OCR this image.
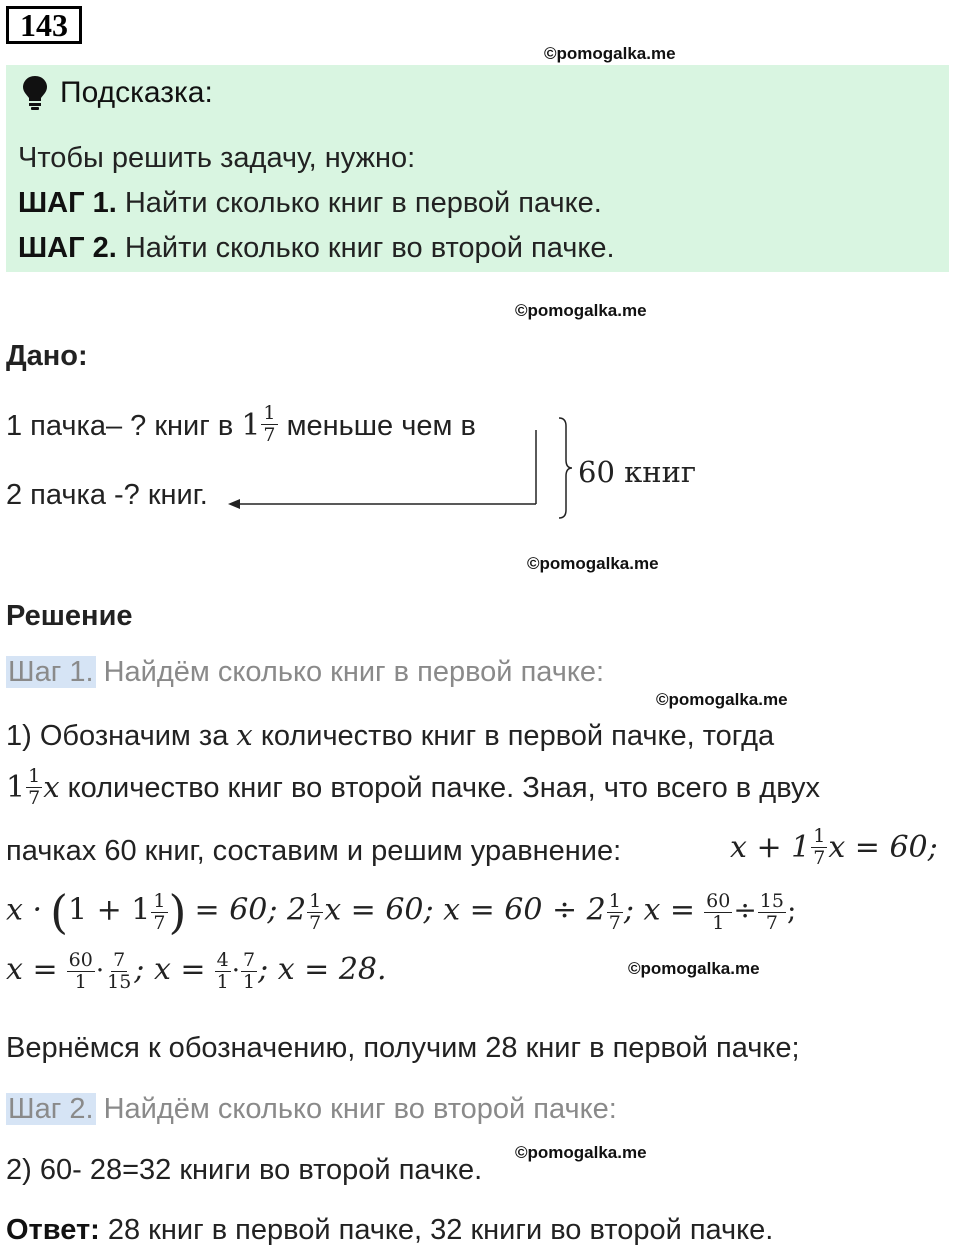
143
©pomogalka.me
Подсказка:
Чтобы решить задачу, нужно:
ШАГ 1. Найти сколько книг в первой пачке.
ШАГ 2. Найти сколько книг во второй пачке.
©pomogalka.me
Дано:
1 пачка– ? книг в $1 \frac{1}{7}$ меньше чем в
2 пачка -? книг.
60 книг
©pomogalka.me
Решение
Шаг 1. Найдём сколько книг в первой пачке:
©pomogalka.me
1) Обозначим за x количество книг в первой пачке, тогда
$1 \frac{1}{7}$ x количество книг во второй пачке. Зная, что всего в двух
пачках 60 книг, составим и решим уравнение:	$x + 1 \frac{1}{7}$ x = 60;
$x \cdot (1 + 1 \frac{1}{7}$ ) = 60; $2 \frac{1}{7}$ x = 60; $x = 60 \div 2 \frac{1}{7}$ ; $x = \frac{60}{1} \div \frac{15}{7}$ ;
$x = \frac{60}{1} \cdot \frac{7}{15}$ ; $x = \frac{4}{1} \cdot \frac{7}{1}$ ; x = 28.	©pomogalka.me
Вернёмся к обозначению, получим 28 книг в первой пачке;
Шаг 2. Найдём сколько книг во второй пачке:
©pomogalka.me
2) 60- 28=32 книги во второй пачке.
Ответ: 28 книг в первой пачке, 32 книги во второй пачке.
